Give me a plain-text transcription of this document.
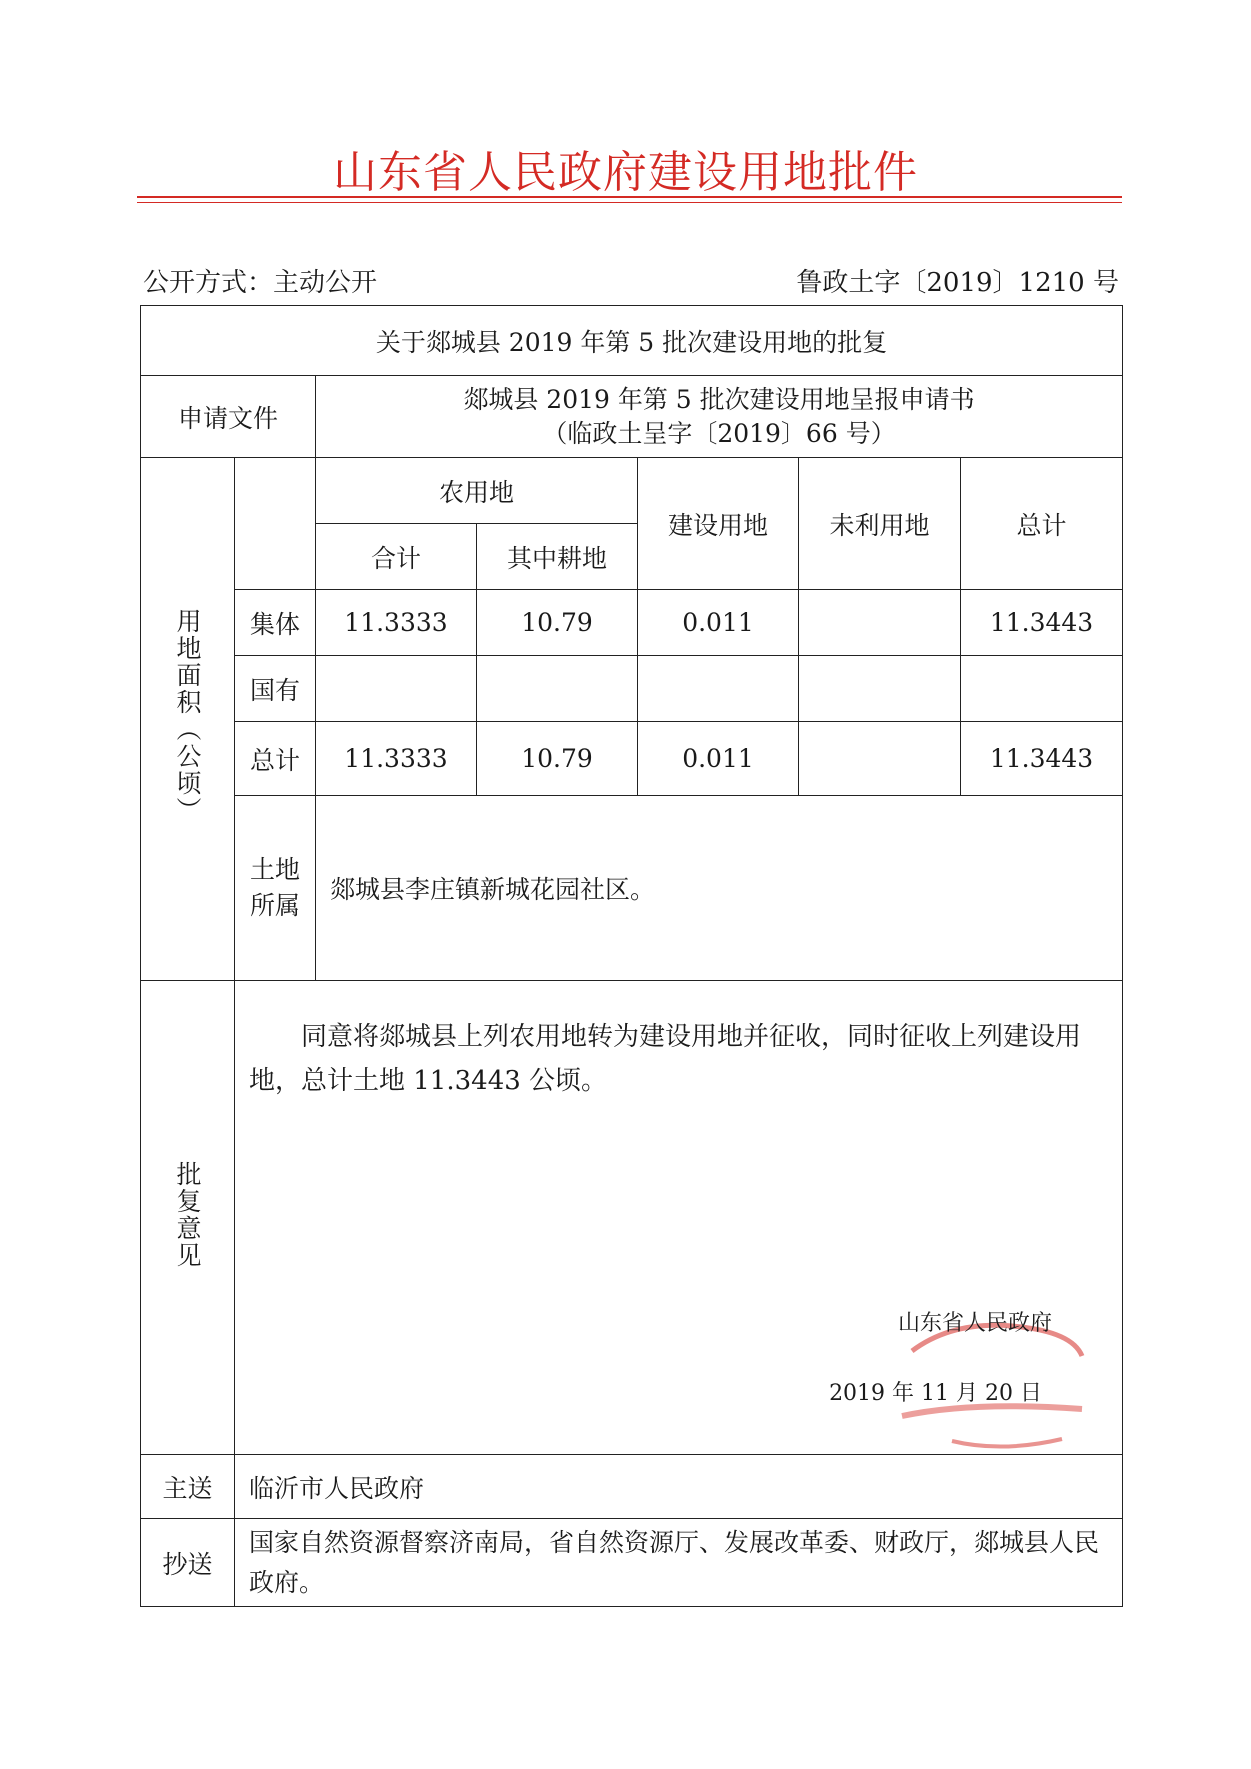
山东省人民政府建设用地批件
公开方式：主动公开	鲁政土字〔2019〕1210 号
关于郯城县 2019 年第 5 批次建设用地的批复						
申请文件		郯城县 2019 年第 5 批次建设用地呈报申请书
（临政土呈字〔2019〕66 号）				

用地面积（公顷）		农用地		建设用地	未利用地	总计
		合计	其中耕地			
	集体	11.3333	10.79	0.011		11.3443
	国有					
	总计	11.3333	10.79	0.011		11.3443

	土地
所属	郯城县李庄镇新城花园社区。				

批复意见	同意将郯城县上列农用地转为建设用地并征收，同时征收上列建设用地，总计土地 11.3443 公顷。
山东省人民政府
2019 年 11 月 20 日					

主送	临沂市人民政府					
抄送	国家自然资源督察济南局，省自然资源厅、发展改革委、财政厅，郯城县人民政府。					
